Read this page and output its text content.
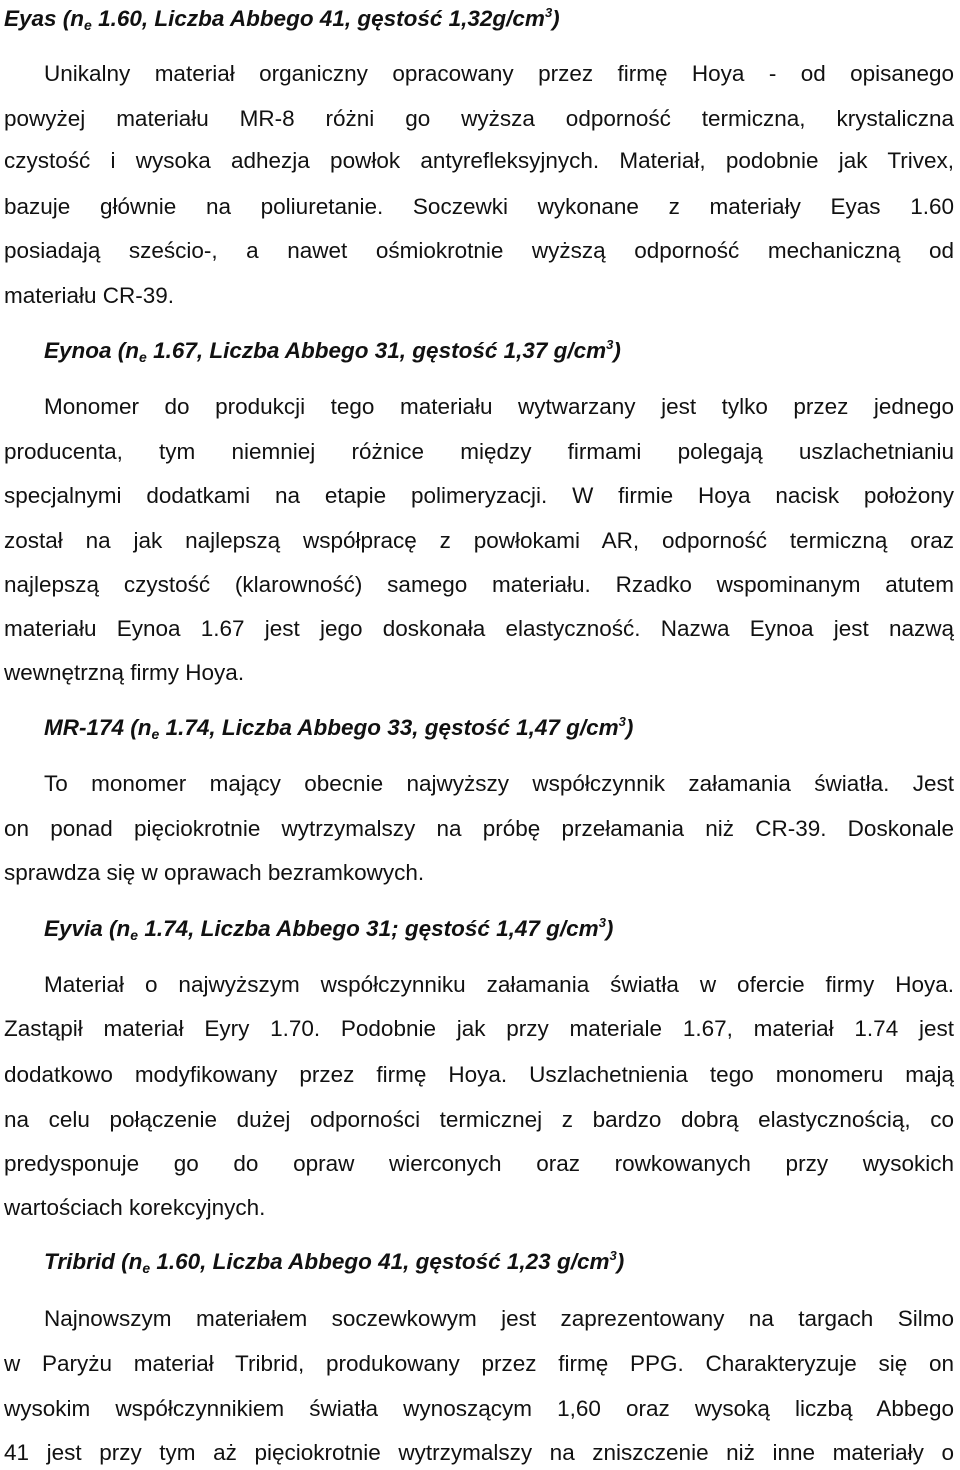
Eyas ($n_e$ 1.60, Liczba Abbego 41, gęstość $1,32g/cm^3$)
Unikalny materiał organiczny opracowany przez firmę Hoya - od opisanego
powyżej materiału MR-8 różni go wyższa odporność termiczna, krystaliczna
czystość i wysoka adhezja powłok antyrefleksyjnych. Materiał, podobnie jak Trivex,
bazuje głównie na poliuretanie. Soczewki wykonane z materiały Eyas 1.60
posiadają sześcio-, a nawet ośmiokrotnie wyższą odporność mechaniczną od
materiału CR-39.
Eynoa ($n_e$ 1.67, Liczba Abbego 31, gęstość 1,37 $g/cm^3$)
Monomer do produkcji tego materiału wytwarzany jest tylko przez jednego
producenta, tym niemniej różnice między firmami polegają uszlachetnianiu
specjalnymi dodatkami na etapie polimeryzacji. W firmie Hoya nacisk położony
został na jak najlepszą współpracę z powłokami AR, odporność termiczną oraz
najlepszą czystość (klarowność) samego materiału. Rzadko wspominanym atutem
materiału Eynoa 1.67 jest jego doskonała elastyczność. Nazwa Eynoa jest nazwą
wewnętrzną firmy Hoya.
MR-174 ($n_e$ 1.74, Liczba Abbego 33, gęstość 1,47 $g/cm^3$)
To monomer mający obecnie najwyższy współczynnik załamania światła. Jest
on ponad pięciokrotnie wytrzymalszy na próbę przełamania niż CR-39. Doskonale
sprawdza się w oprawach bezramkowych.
Eyvia ($n_e$ 1.74, Liczba Abbego 31; gęstość 1,47 $g/cm^3$)
Materiał o najwyższym współczynniku załamania światła w ofercie firmy Hoya.
Zastąpił materiał Eyry 1.70. Podobnie jak przy materiale 1.67, materiał 1.74 jest
dodatkowo modyfikowany przez firmę Hoya. Uszlachetnienia tego monomeru mają
na celu połączenie dużej odporności termicznej z bardzo dobrą elastycznością, co
predysponuje go do opraw wierconych oraz rowkowanych przy wysokich
wartościach korekcyjnych.
Tribrid ($n_e$ 1.60, Liczba Abbego 41, gęstość 1,23 $g/cm^3$)
Najnowszym materiałem soczewkowym jest zaprezentowany na targach Silmo
w Paryżu materiał Tribrid, produkowany przez firmę PPG. Charakteryzuje się on
wysokim współczynnikiem światła wynoszącym 1,60 oraz wysoką liczbą Abbego
41 jest przy tym aż pięciokrotnie wytrzymalszy na zniszczenie niż inne materiały o
